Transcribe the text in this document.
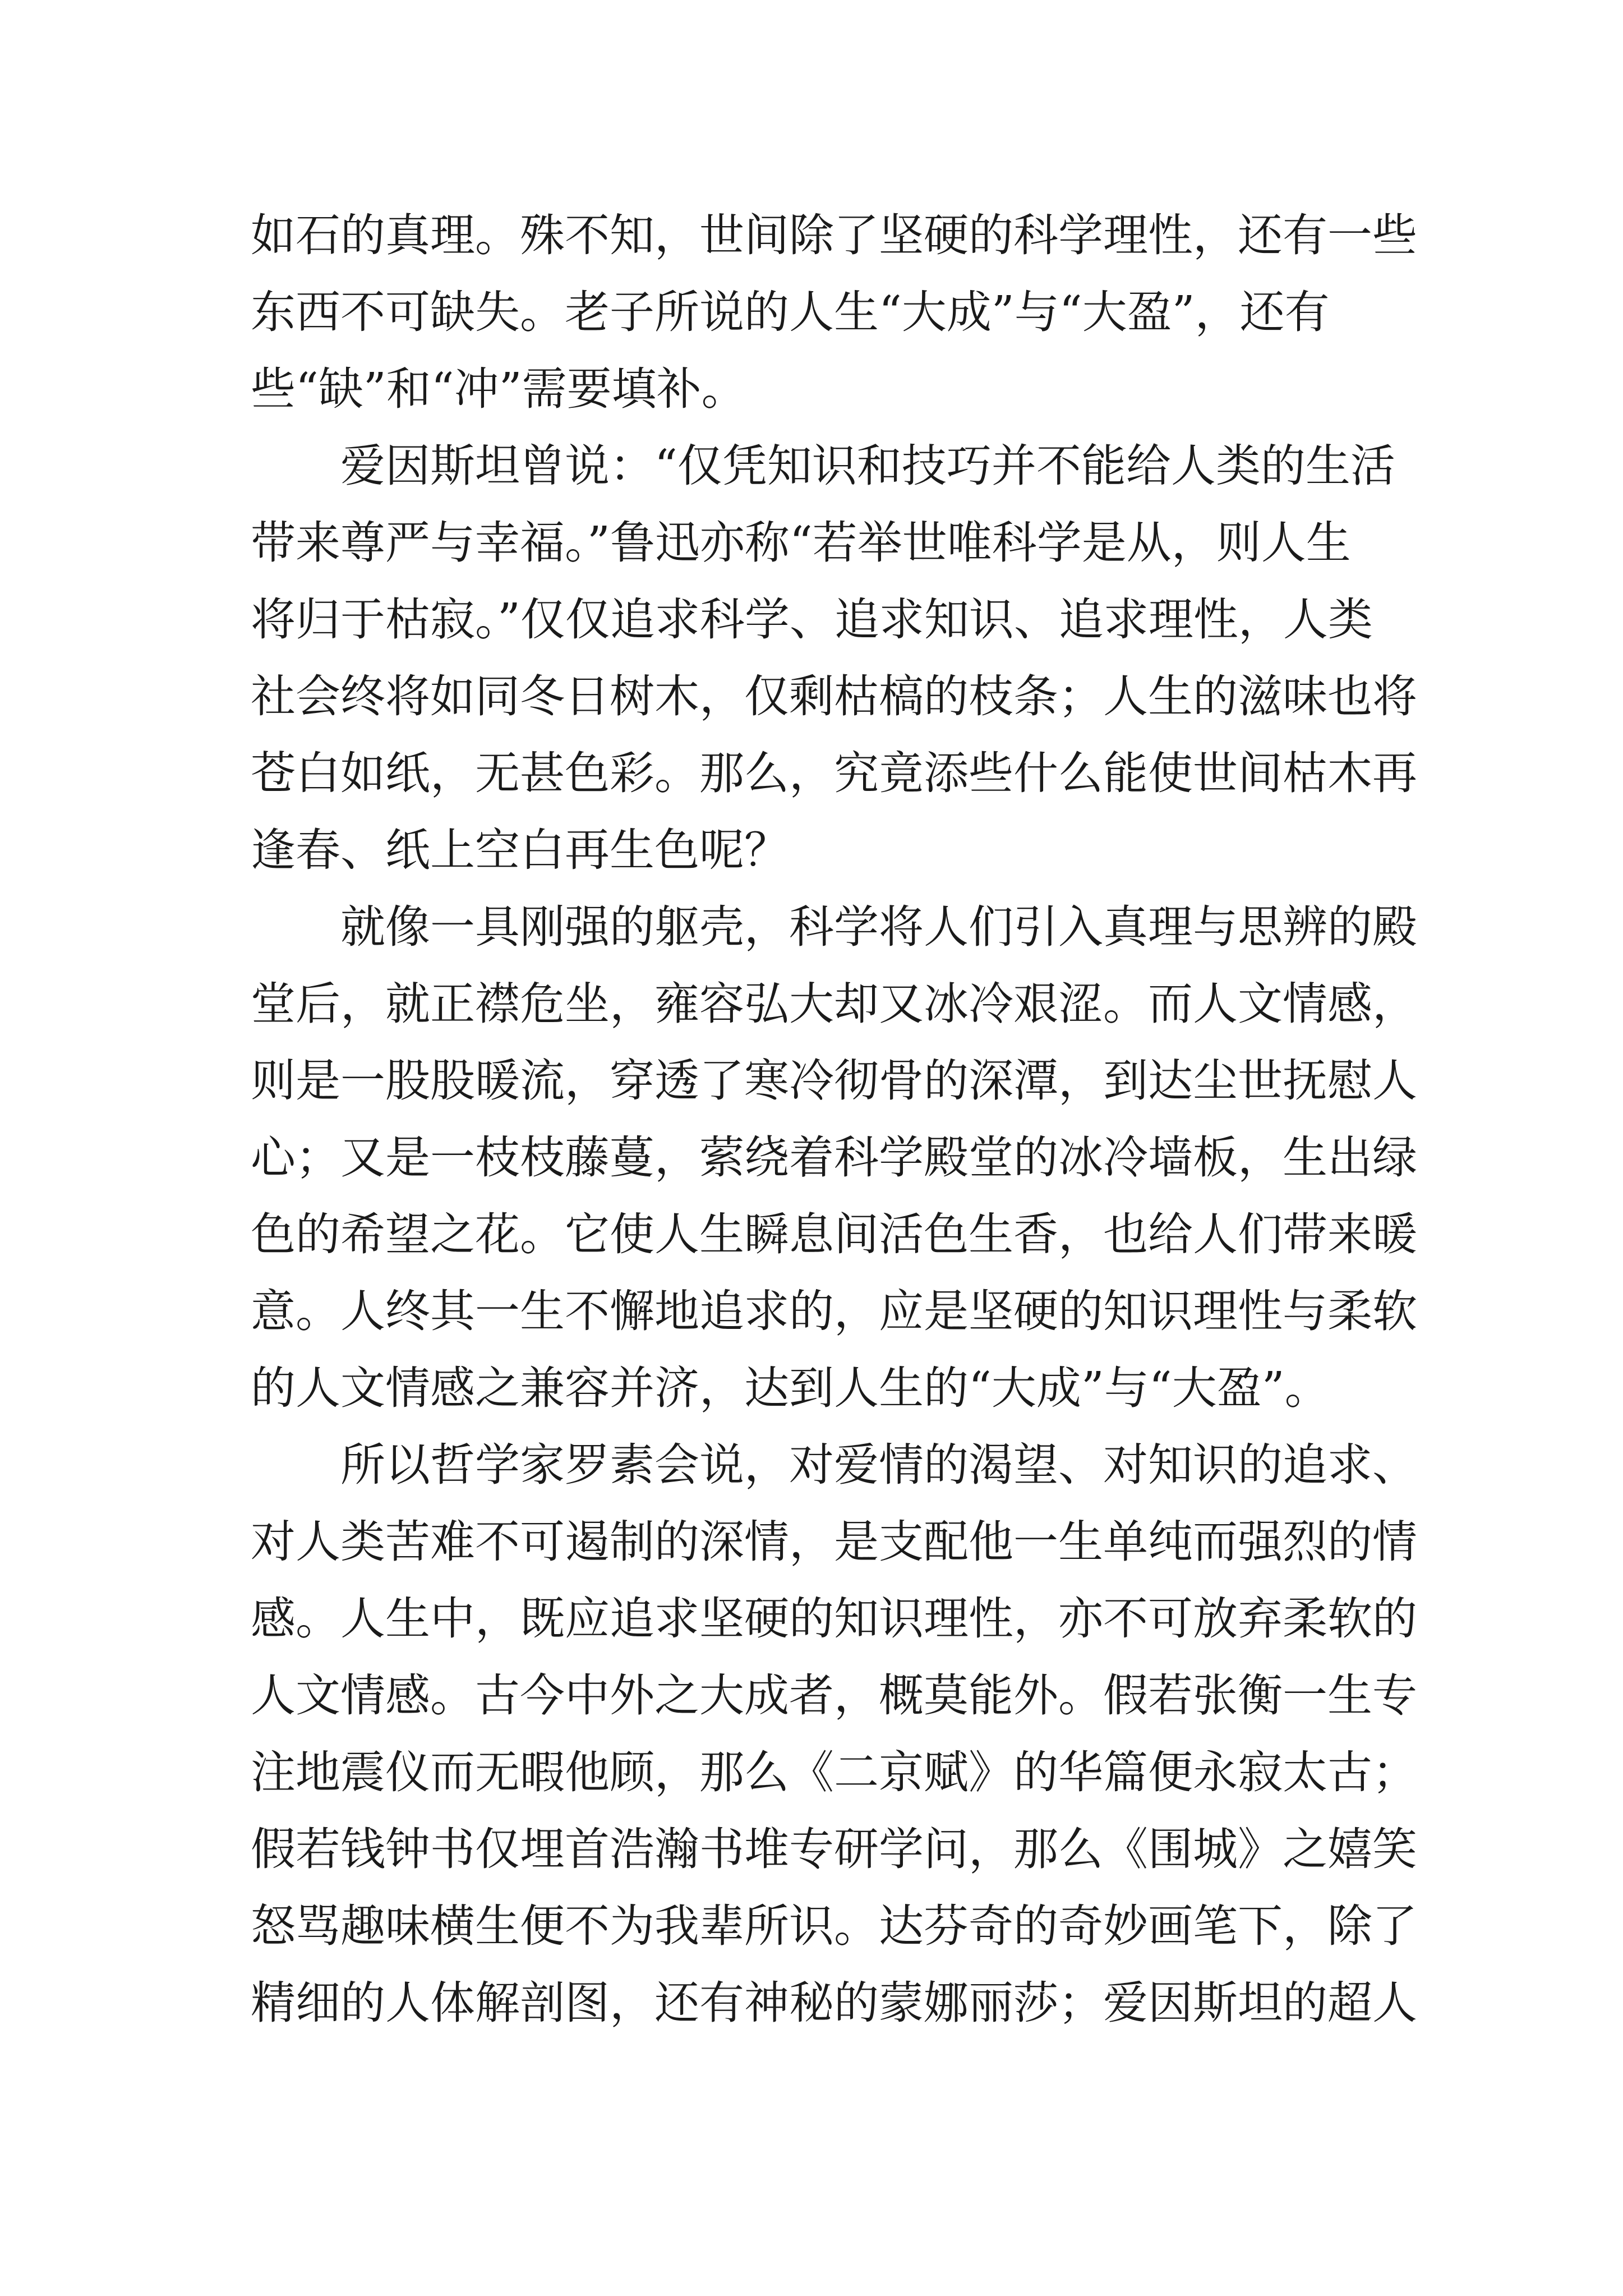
如石的真理。殊不知，世间除了坚硬的科学理性，还有一些
东西不可缺失。老子所说的人生“大成”与“大盈”，还有
些“缺”和“冲”需要填补。
　　爱因斯坦曾说：“仅凭知识和技巧并不能给人类的生活
带来尊严与幸福。”鲁迅亦称“若举世唯科学是从，则人生
将归于枯寂。”仅仅追求科学、追求知识、追求理性，人类
社会终将如同冬日树木，仅剩枯槁的枝条；人生的滋味也将
苍白如纸，无甚色彩。那么，究竟添些什么能使世间枯木再
逢春、纸上空白再生色呢？
　　就像一具刚强的躯壳，科学将人们引入真理与思辨的殿
堂后，就正襟危坐，雍容弘大却又冰冷艰涩。而人文情感，
则是一股股暖流，穿透了寒冷彻骨的深潭，到达尘世抚慰人
心；又是一枝枝藤蔓，萦绕着科学殿堂的冰冷墙板，生出绿
色的希望之花。它使人生瞬息间活色生香，也给人们带来暖
意。人终其一生不懈地追求的，应是坚硬的知识理性与柔软
的人文情感之兼容并济，达到人生的“大成”与“大盈”。
　　所以哲学家罗素会说，对爱情的渴望、对知识的追求、
对人类苦难不可遏制的深情，是支配他一生单纯而强烈的情
感。人生中，既应追求坚硬的知识理性，亦不可放弃柔软的
人文情感。古今中外之大成者，概莫能外。假若张衡一生专
注地震仪而无暇他顾，那么《二京赋》的华篇便永寂太古；
假若钱钟书仅埋首浩瀚书堆专研学问，那么《围城》之嬉笑
怒骂趣味横生便不为我辈所识。达芬奇的奇妙画笔下，除了
精细的人体解剖图，还有神秘的蒙娜丽莎；爱因斯坦的超人
